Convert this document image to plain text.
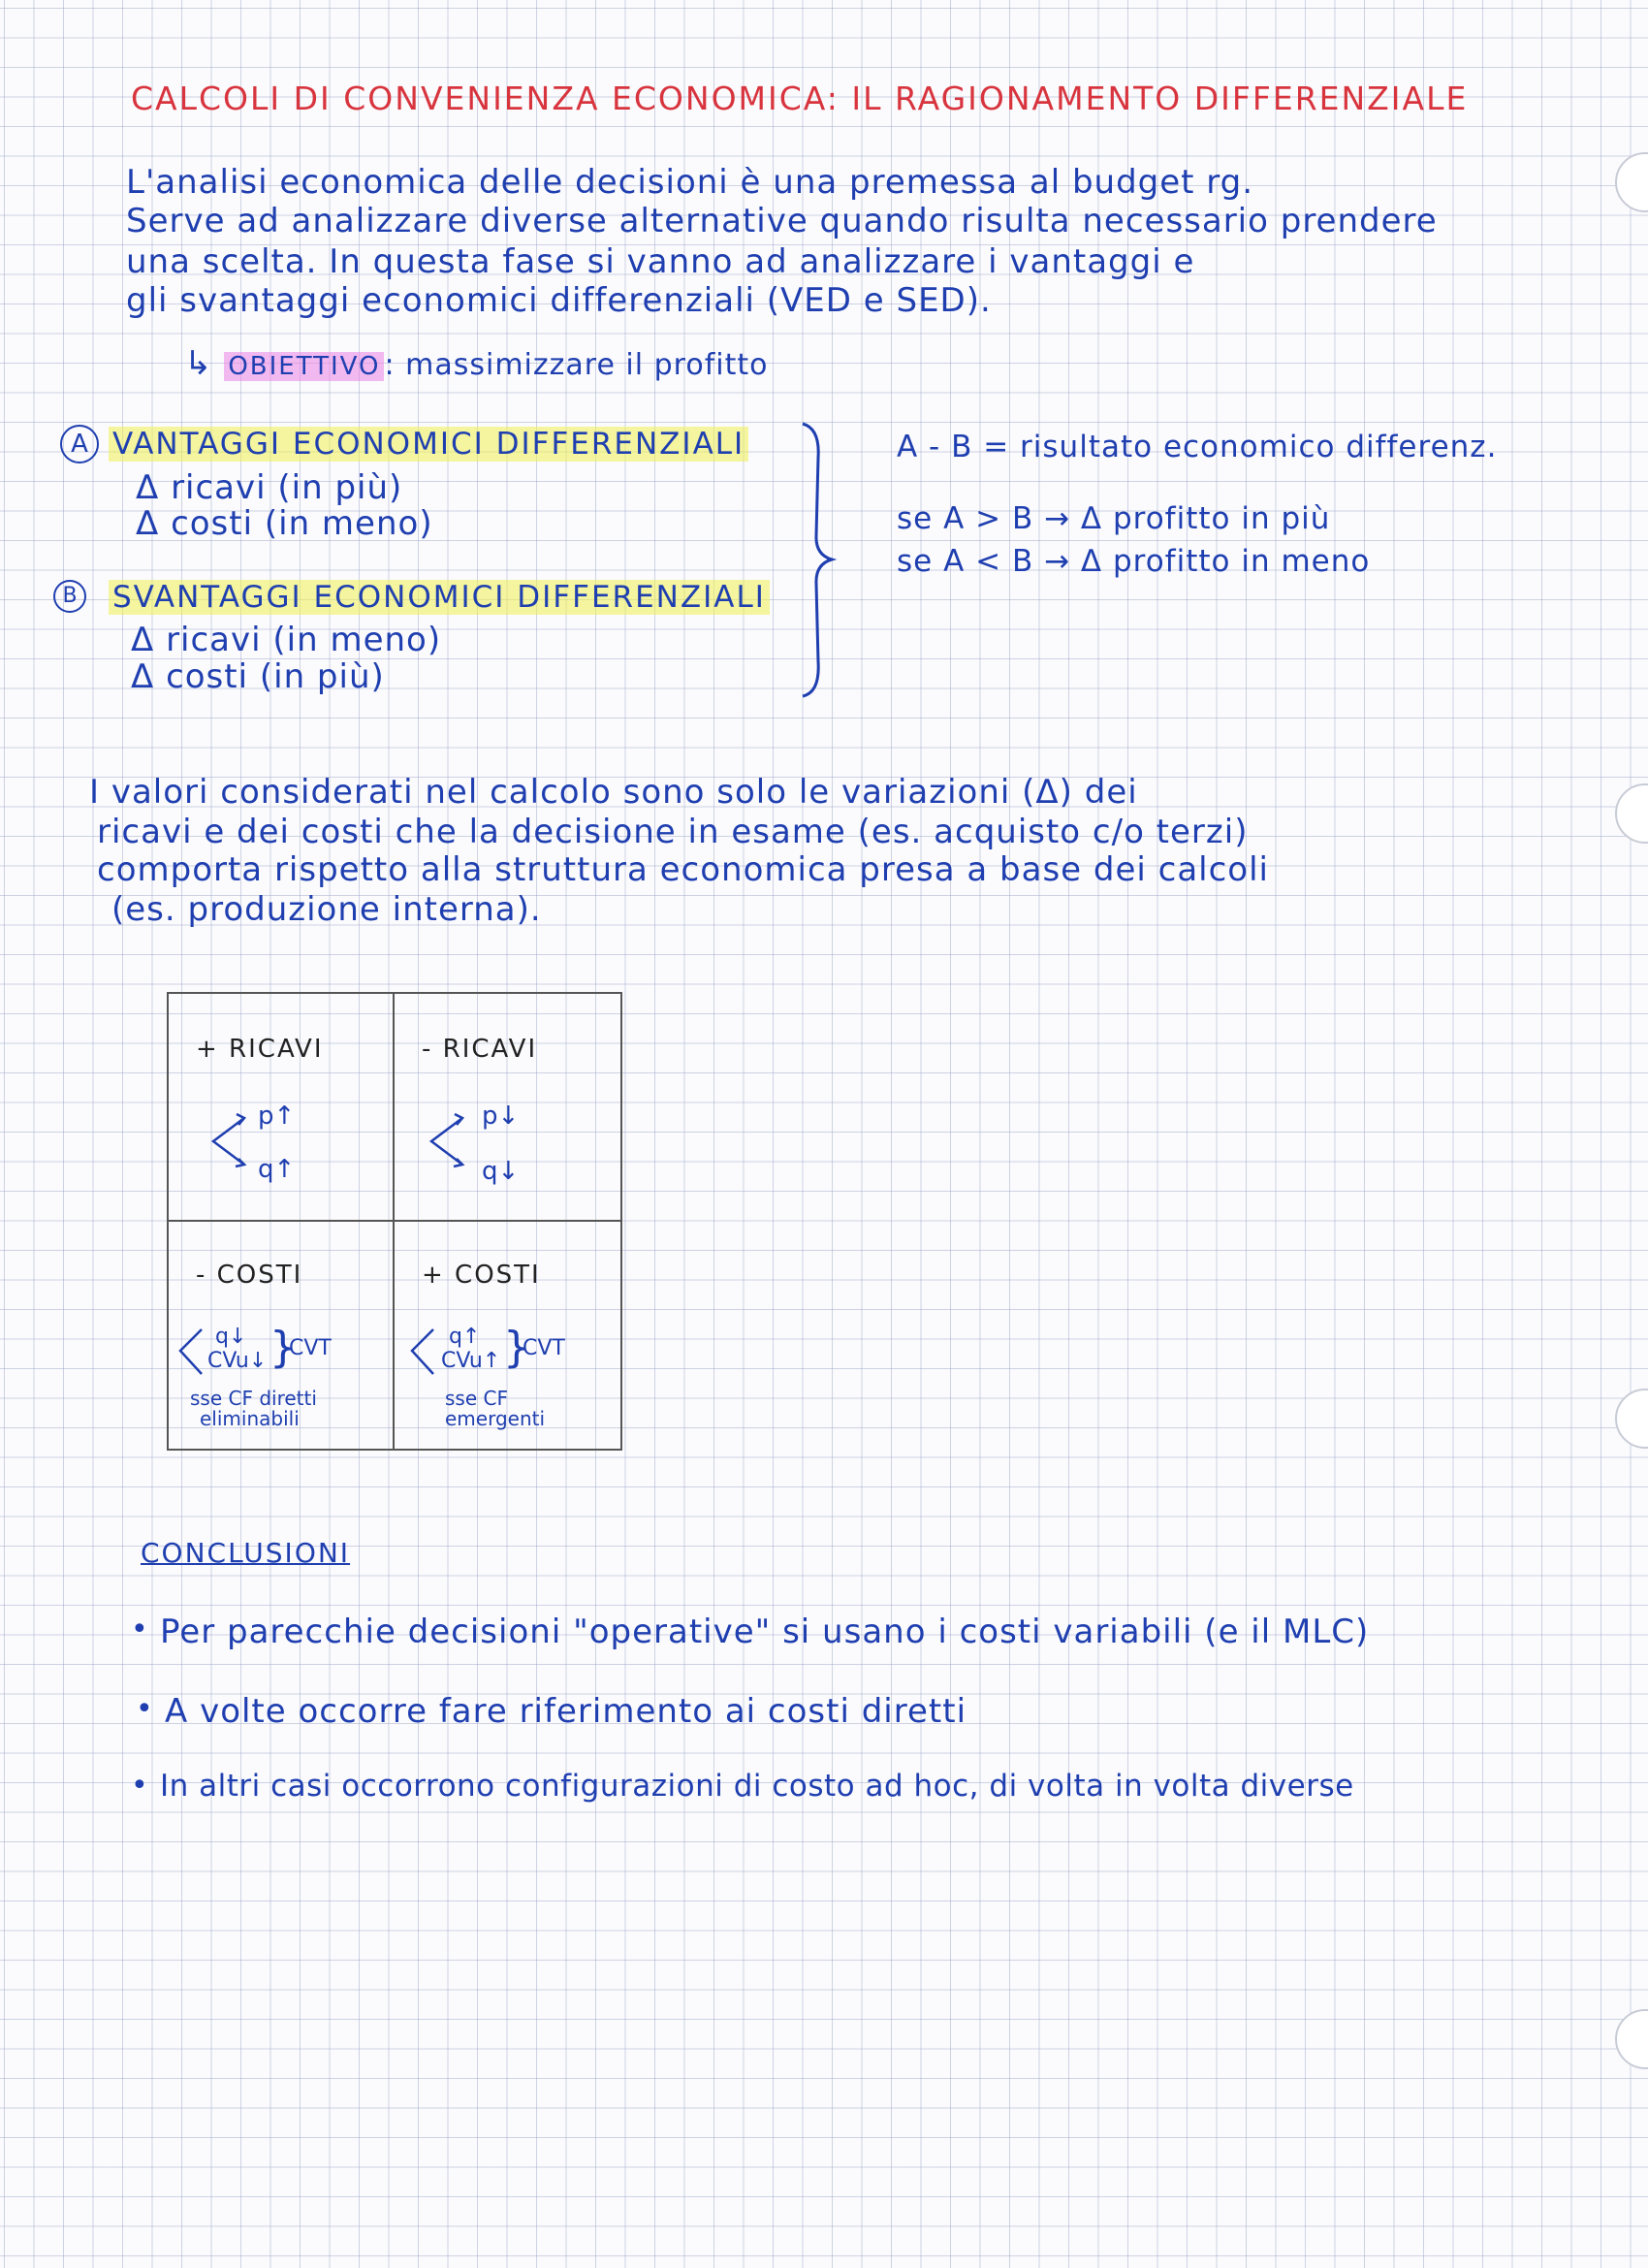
CALCOLI DI CONVENIENZA ECONOMICA: IL RAGIONAMENTO DIFFERENZIALE
L'analisi economica delle decisioni è una premessa al budget rg.
Serve ad analizzare diverse alternative quando risulta necessario prendere
una scelta. In questa fase si vanno ad analizzare i vantaggi e
gli svantaggi economici differenziali (VED e SED).
↳ OBIETTIVO : massimizzare il profitto
A VANTAGGI ECONOMICI DIFFERENZIALI
Δ ricavi (in più)
Δ costi (in meno)
B	SVANTAGGI ECONOMICI DIFFERENZIALI
Δ ricavi (in meno)
Δ costi (in più)
A - B = risultato economico differenz.
se A > B → Δ profitto in più
se A < B → Δ profitto in meno
I valori considerati nel calcolo sono solo le variazioni (Δ) dei
ricavi e dei costi che la decisione in esame (es. acquisto c/o terzi)
comporta rispetto alla struttura economica presa a base dei calcoli
(es. produzione interna).
+ RICAVI
p↑
q↑
- RICAVI
p↓
q↓
- COSTI
q↓
CVu↓ }
CVT
sse CF diretti
eliminabili
+ COSTI
q↑
CVu↑ }
CVT
sse CF
emergenti
CONCLUSIONI
• Per parecchie decisioni "operative" si usano i costi variabili (e il MLC)
• A volte occorre fare riferimento ai costi diretti
• In altri casi occorrono configurazioni di costo ad hoc, di volta in volta diverse
